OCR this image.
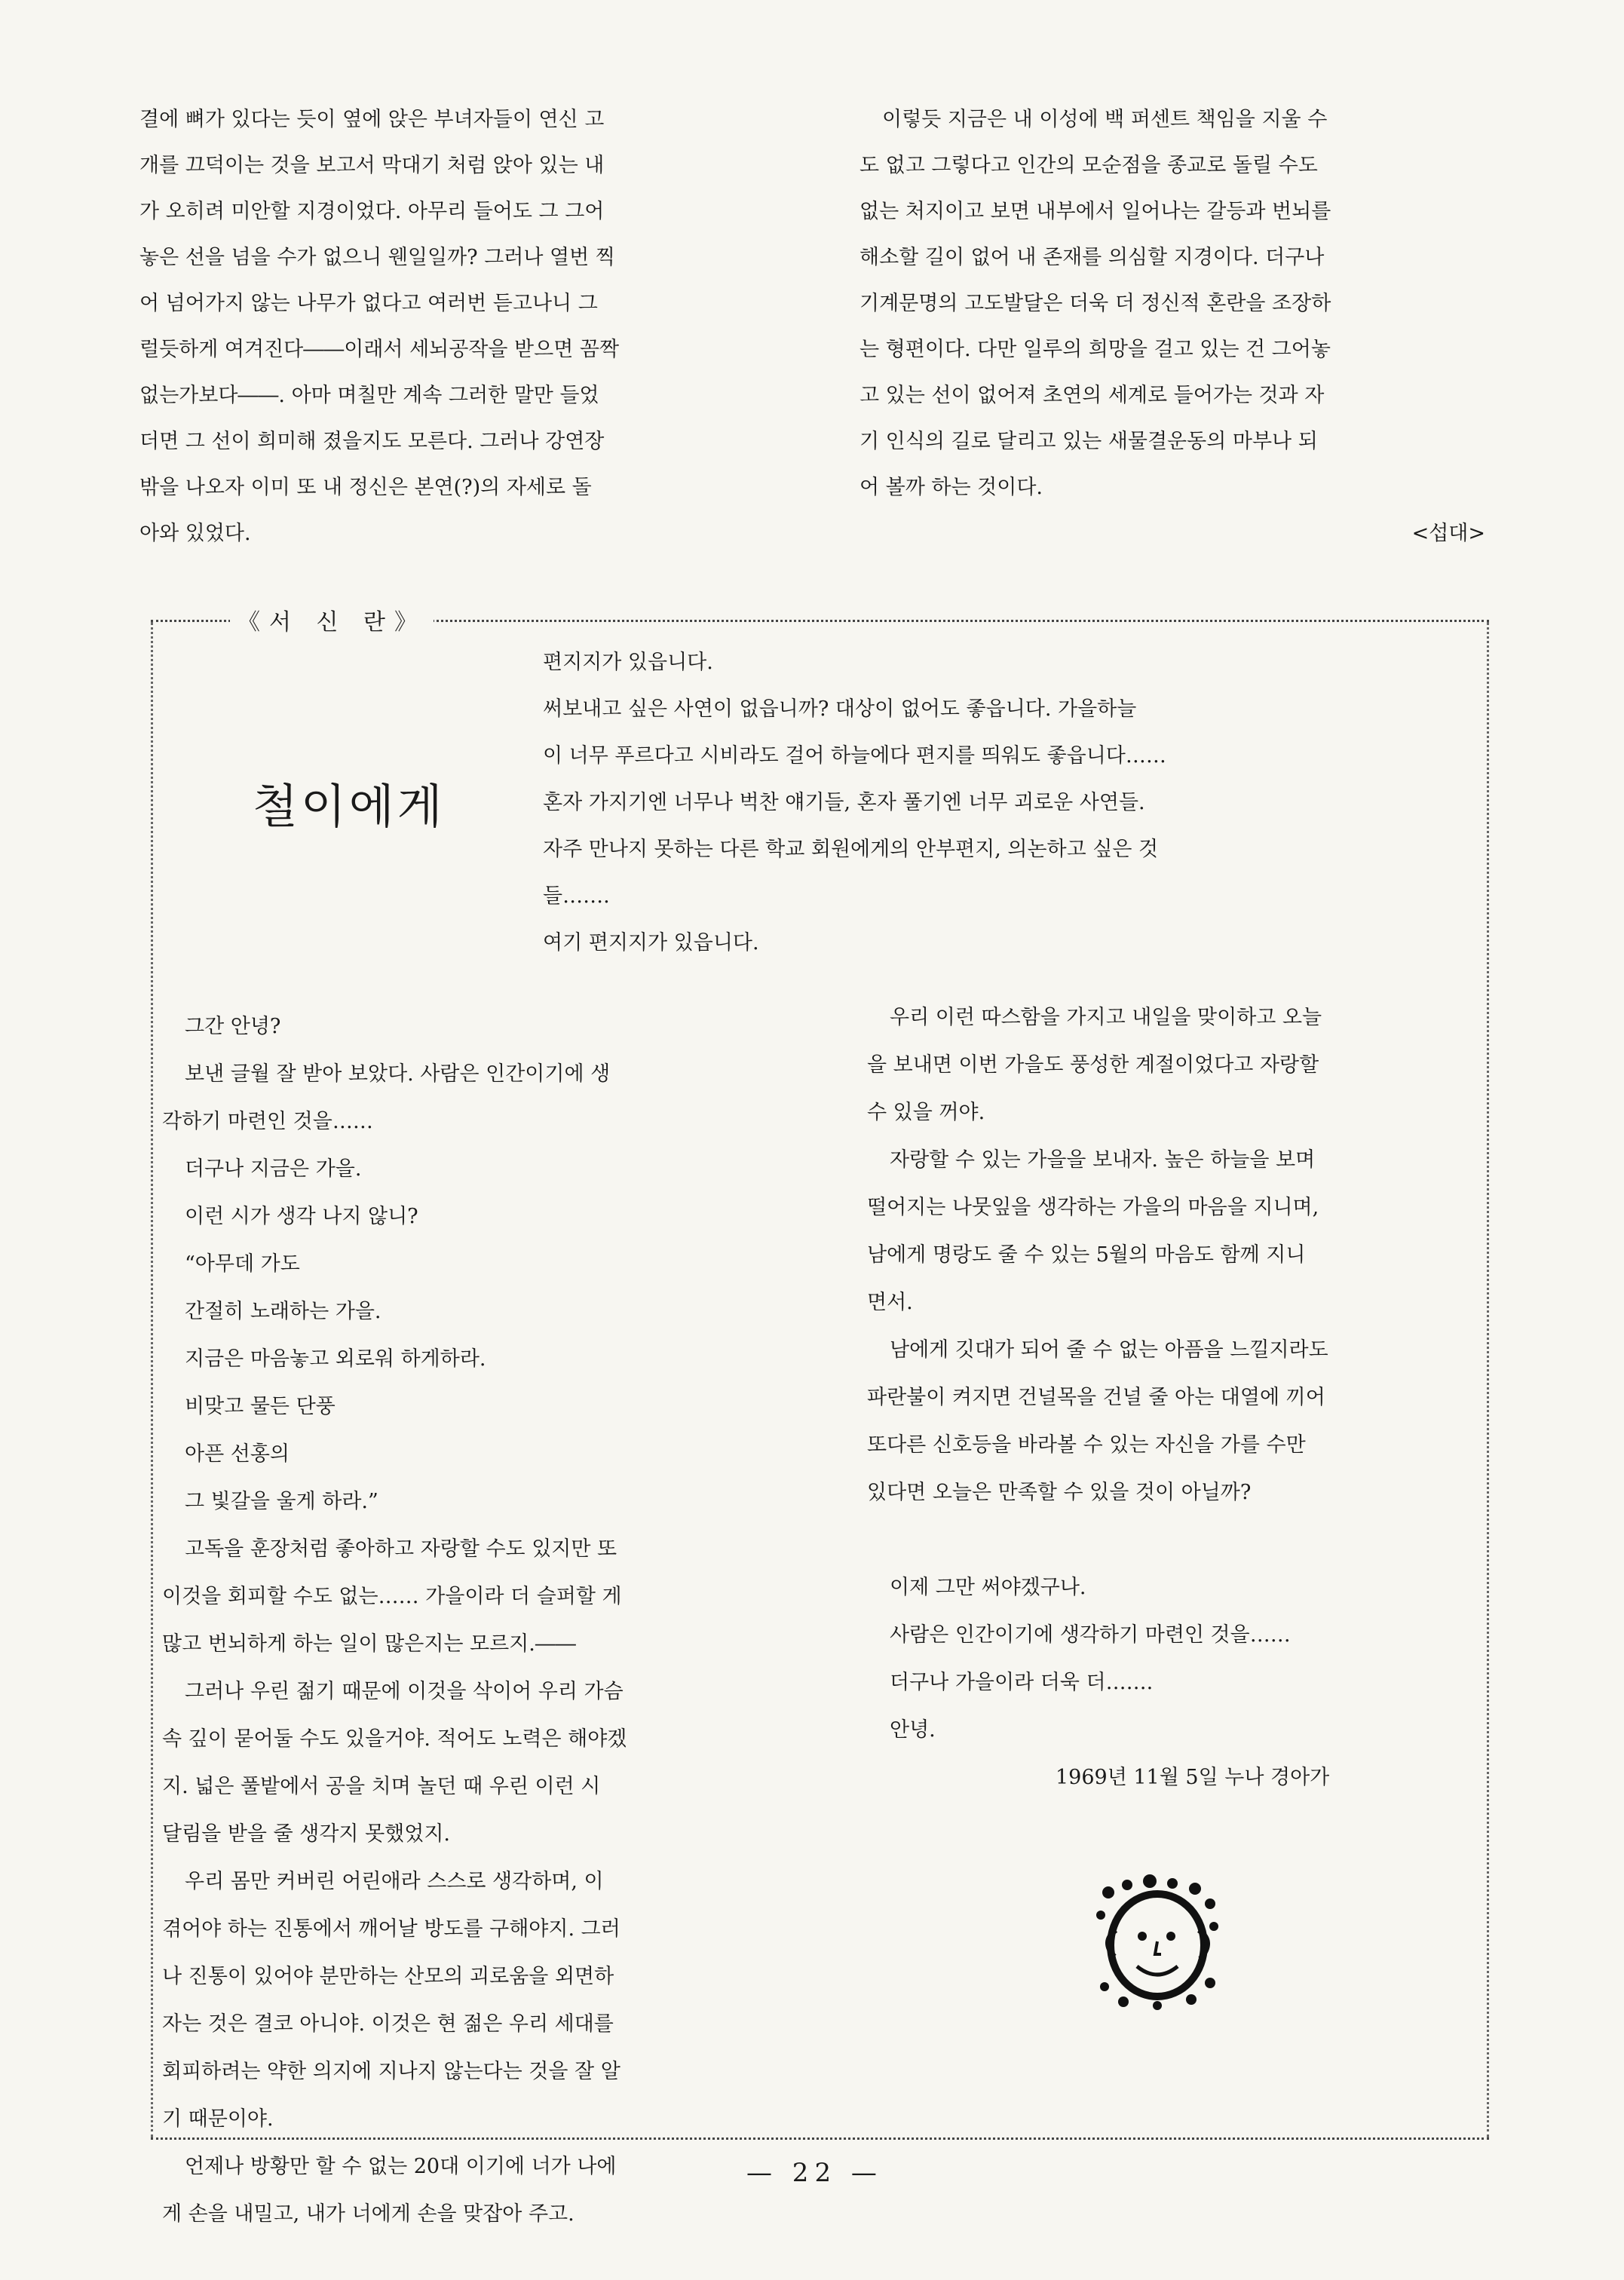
결에 뼈가 있다는 듯이 옆에 앉은 부녀자들이 연신 고

개를 끄덕이는 것을 보고서 막대기 처럼 앉아 있는 내

가 오히려 미안할 지경이었다. 아무리 들어도 그 그어

놓은 선을 넘을 수가 없으니 웬일일까? 그러나 열번 찍

어 넘어가지 않는 나무가 없다고 여러번 듣고나니 그

럴듯하게 여겨진다――이래서 세뇌공작을 받으면 꼼짝

없는가보다――. 아마 며칠만 계속 그러한 말만 들었

더면 그 선이 희미해 졌을지도 모른다. 그러나 강연장

밖을 나오자 이미 또 내 정신은 본연(?)의 자세로 돌

아와 있었다.

이렇듯 지금은 내 이성에 백 퍼센트 책임을 지울 수

도 없고 그렇다고 인간의 모순점을 종교로 돌릴 수도

없는 처지이고 보면 내부에서 일어나는 갈등과 번뇌를

해소할 길이 없어 내 존재를 의심할 지경이다. 더구나

기계문명의 고도발달은 더욱 더 정신적 혼란을 조장하

는 형편이다. 다만 일루의 희망을 걸고 있는 건 그어놓

고 있는 선이 없어져 초연의 세계로 들어가는 것과 자

기 인식의 길로 달리고 있는 새물결운동의 마부나 되

어 볼까 하는 것이다.

<섭대>

《서 신 란》
철이에게

편지지가 있읍니다.

써보내고 싶은 사연이 없읍니까? 대상이 없어도 좋읍니다. 가을하늘

이 너무 푸르다고 시비라도 걸어 하늘에다 편지를 띄워도 좋읍니다……

혼자 가지기엔 너무나 벅찬 얘기들, 혼자 풀기엔 너무 괴로운 사연들.

자주 만나지 못하는 다른 학교 회원에게의 안부편지, 의논하고 싶은 것

들…….

여기 편지지가 있읍니다.

그간 안녕?

보낸 글월 잘 받아 보았다. 사람은 인간이기에 생

각하기 마련인 것을……

더구나 지금은 가을.

이런 시가 생각 나지 않니?

“아무데 가도

간절히 노래하는 가을.

지금은 마음놓고 외로워 하게하라.

비맞고 물든 단풍

아픈 선홍의

그 빛갈을 울게 하라.”

고독을 훈장처럼 좋아하고 자랑할 수도 있지만 또

이것을 회피할 수도 없는…… 가을이라 더 슬퍼할 게

많고 번뇌하게 하는 일이 많은지는 모르지.――

그러나 우린 젊기 때문에 이것을 삭이어 우리 가슴

속 깊이 묻어둘 수도 있을거야. 적어도 노력은 해야겠

지. 넓은 풀밭에서 공을 치며 놀던 때 우린 이런 시

달림을 받을 줄 생각지 못했었지.

우리 몸만 커버린 어린애라 스스로 생각하며, 이

겪어야 하는 진통에서 깨어날 방도를 구해야지. 그러

나 진통이 있어야 분만하는 산모의 괴로움을 외면하

자는 것은 결코 아니야. 이것은 현 젊은 우리 세대를

회피하려는 약한 의지에 지나지 않는다는 것을 잘 알

기 때문이야.

언제나 방황만 할 수 없는 20대 이기에 너가 나에

게 손을 내밀고, 내가 너에게 손을 맞잡아 주고.

우리 이런 따스함을 가지고 내일을 맞이하고 오늘

을 보내면 이번 가을도 풍성한 계절이었다고 자랑할

수 있을 꺼야.

자랑할 수 있는 가을을 보내자. 높은 하늘을 보며

떨어지는 나뭇잎을 생각하는 가을의 마음을 지니며,

남에게 명랑도 줄 수 있는 5월의 마음도 함께 지니

면서.

남에게 깃대가 되어 줄 수 없는 아픔을 느낄지라도

파란불이 켜지면 건널목을 건널 줄 아는 대열에 끼어

또다른 신호등을 바라볼 수 있는 자신을 가를 수만

있다면 오늘은 만족할 수 있을 것이 아닐까?

이제 그만 써야겠구나.

사람은 인간이기에 생각하기 마련인 것을……

더구나 가을이라 더욱 더…….

안녕.

1969년 11월 5일 누나 경아가

— 22 —
